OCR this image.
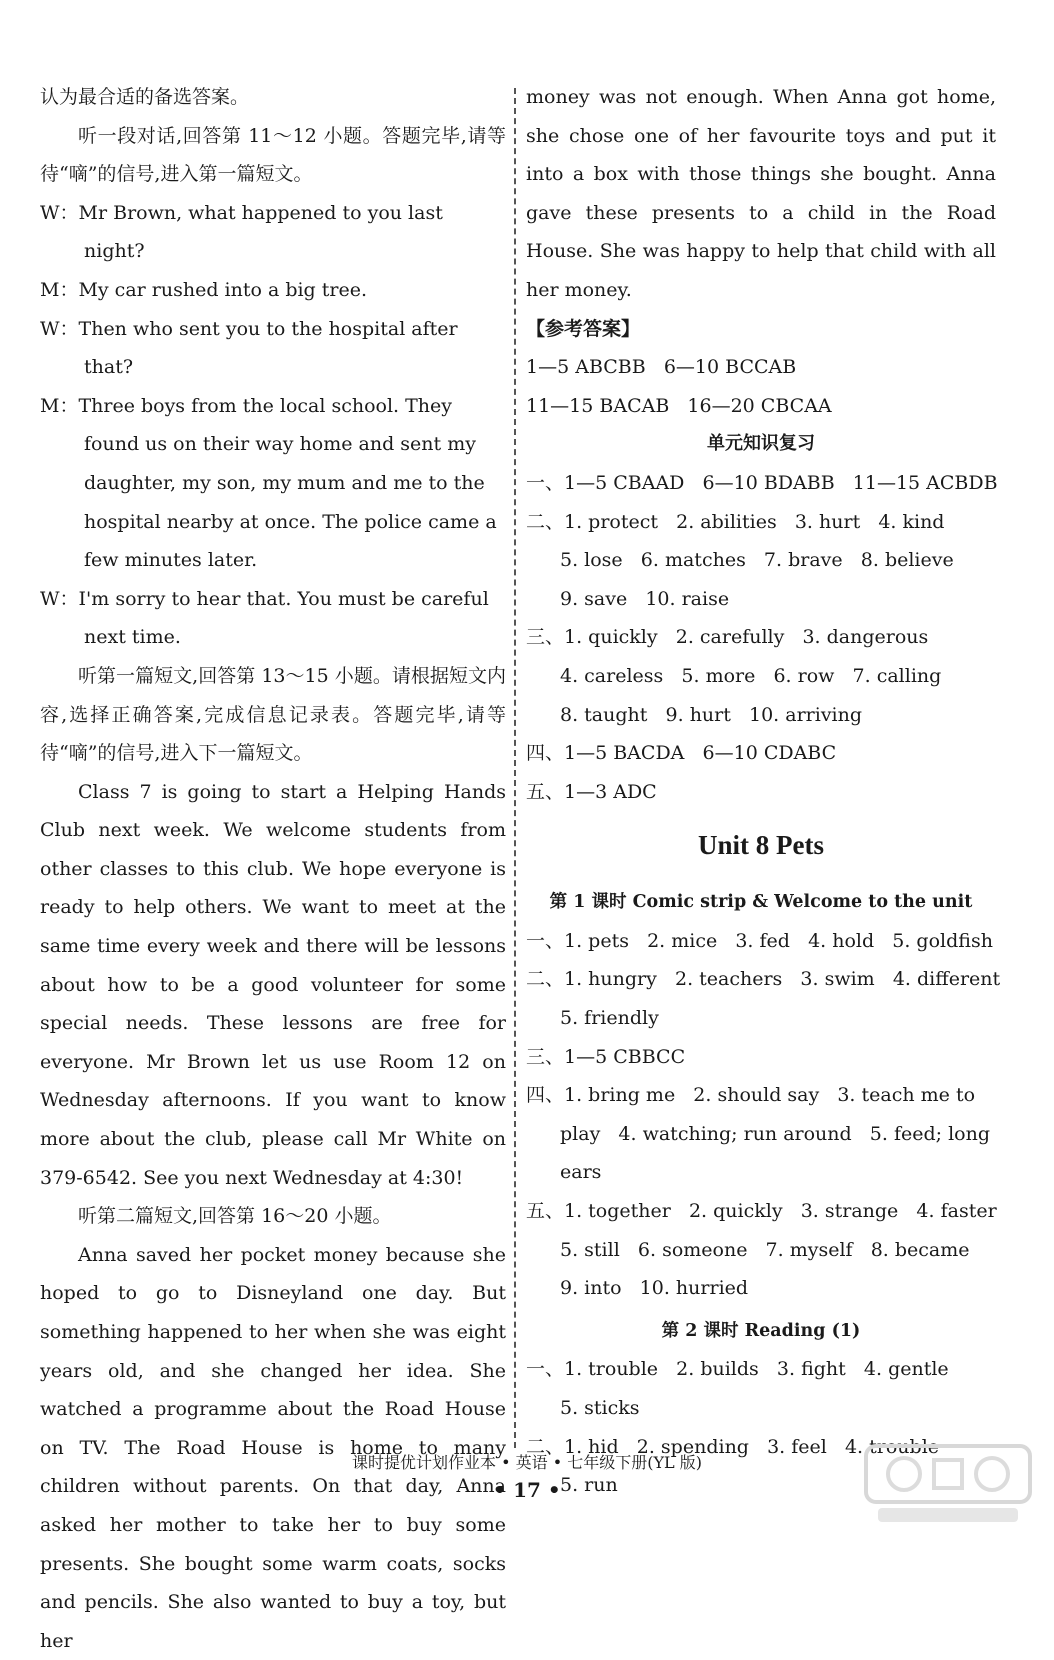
认为最合适的备选答案。

听一段对话,回答第 11～12 小题。答题完毕,请等待“嘀”的信号,进入第一篇短文。

W：Mr Brown, what happened to you last night?

M：My car rushed into a big tree.

W：Then who sent you to the hospital after that?

M：Three boys from the local school. They found us on their way home and sent my daughter, my son, my mum and me to the hospital nearby at once. The police came a few minutes later.

W：I'm sorry to hear that. You must be careful next time.

听第一篇短文,回答第 13～15 小题。请根据短文内容,选择正确答案,完成信息记录表。答题完毕,请等待“嘀”的信号,进入下一篇短文。

Class 7 is going to start a Helping Hands Club next week. We welcome students from other classes to this club. We hope everyone is ready to help others. We want to meet at the same time every week and there will be lessons about how to be a good volunteer for some special needs. These lessons are free for everyone. Mr Brown let us use Room 12 on Wednesday afternoons. If you want to know more about the club, please call Mr White on 379-6542. See you next Wednesday at 4:30!

听第二篇短文,回答第 16～20 小题。

Anna saved her pocket money because she hoped to go to Disneyland one day. But something happened to her when she was eight years old, and she changed her idea. She watched a programme about the Road House on TV. The Road House is home to many children without parents. On that day, Anna asked her mother to take her to buy some presents. She bought some warm coats, socks and pencils. She also wanted to buy a toy, but her

money was not enough. When Anna got home, she chose one of her favourite toys and put it into a box with those things she bought. Anna gave these presents to a child in the Road House. She was happy to help that child with all her money.

【参考答案】

1—5 ABCBB   6—10 BCCAB

11—15 BACAB   16—20 CBCAA

单元知识复习

一、1—5 CBAAD   6—10 BDABB   11—15 ACBDB

二、1. protect   2. abilities   3. hurt   4. kind

5. lose   6. matches   7. brave   8. believe

9. save   10. raise

三、1. quickly   2. carefully   3. dangerous

4. careless   5. more   6. row   7. calling

8. taught   9. hurt   10. arriving

四、1—5 BACDA   6—10 CDABC

五、1—3 ADC

Unit 8 Pets

第 1 课时 Comic strip & Welcome to the unit

一、1. pets   2. mice   3. fed   4. hold   5. goldfish

二、1. hungry   2. teachers   3. swim   4. different

5. friendly

三、1—5 CBBCC

四、1. bring me   2. should say   3. teach me to

play   4. watching; run around   5. feed; long

ears

五、1. together   2. quickly   3. strange   4. faster

5. still   6. someone   7. myself   8. became

9. into   10. hurried

第 2 课时 Reading (1)

一、1. trouble   2. builds   3. fight   4. gentle

5. sticks

二、1. hid   2. spending   3. feel   4. trouble

5. run

课时提优计划作业本 • 英语 • 七年级下册(YL 版)
• 17 •
